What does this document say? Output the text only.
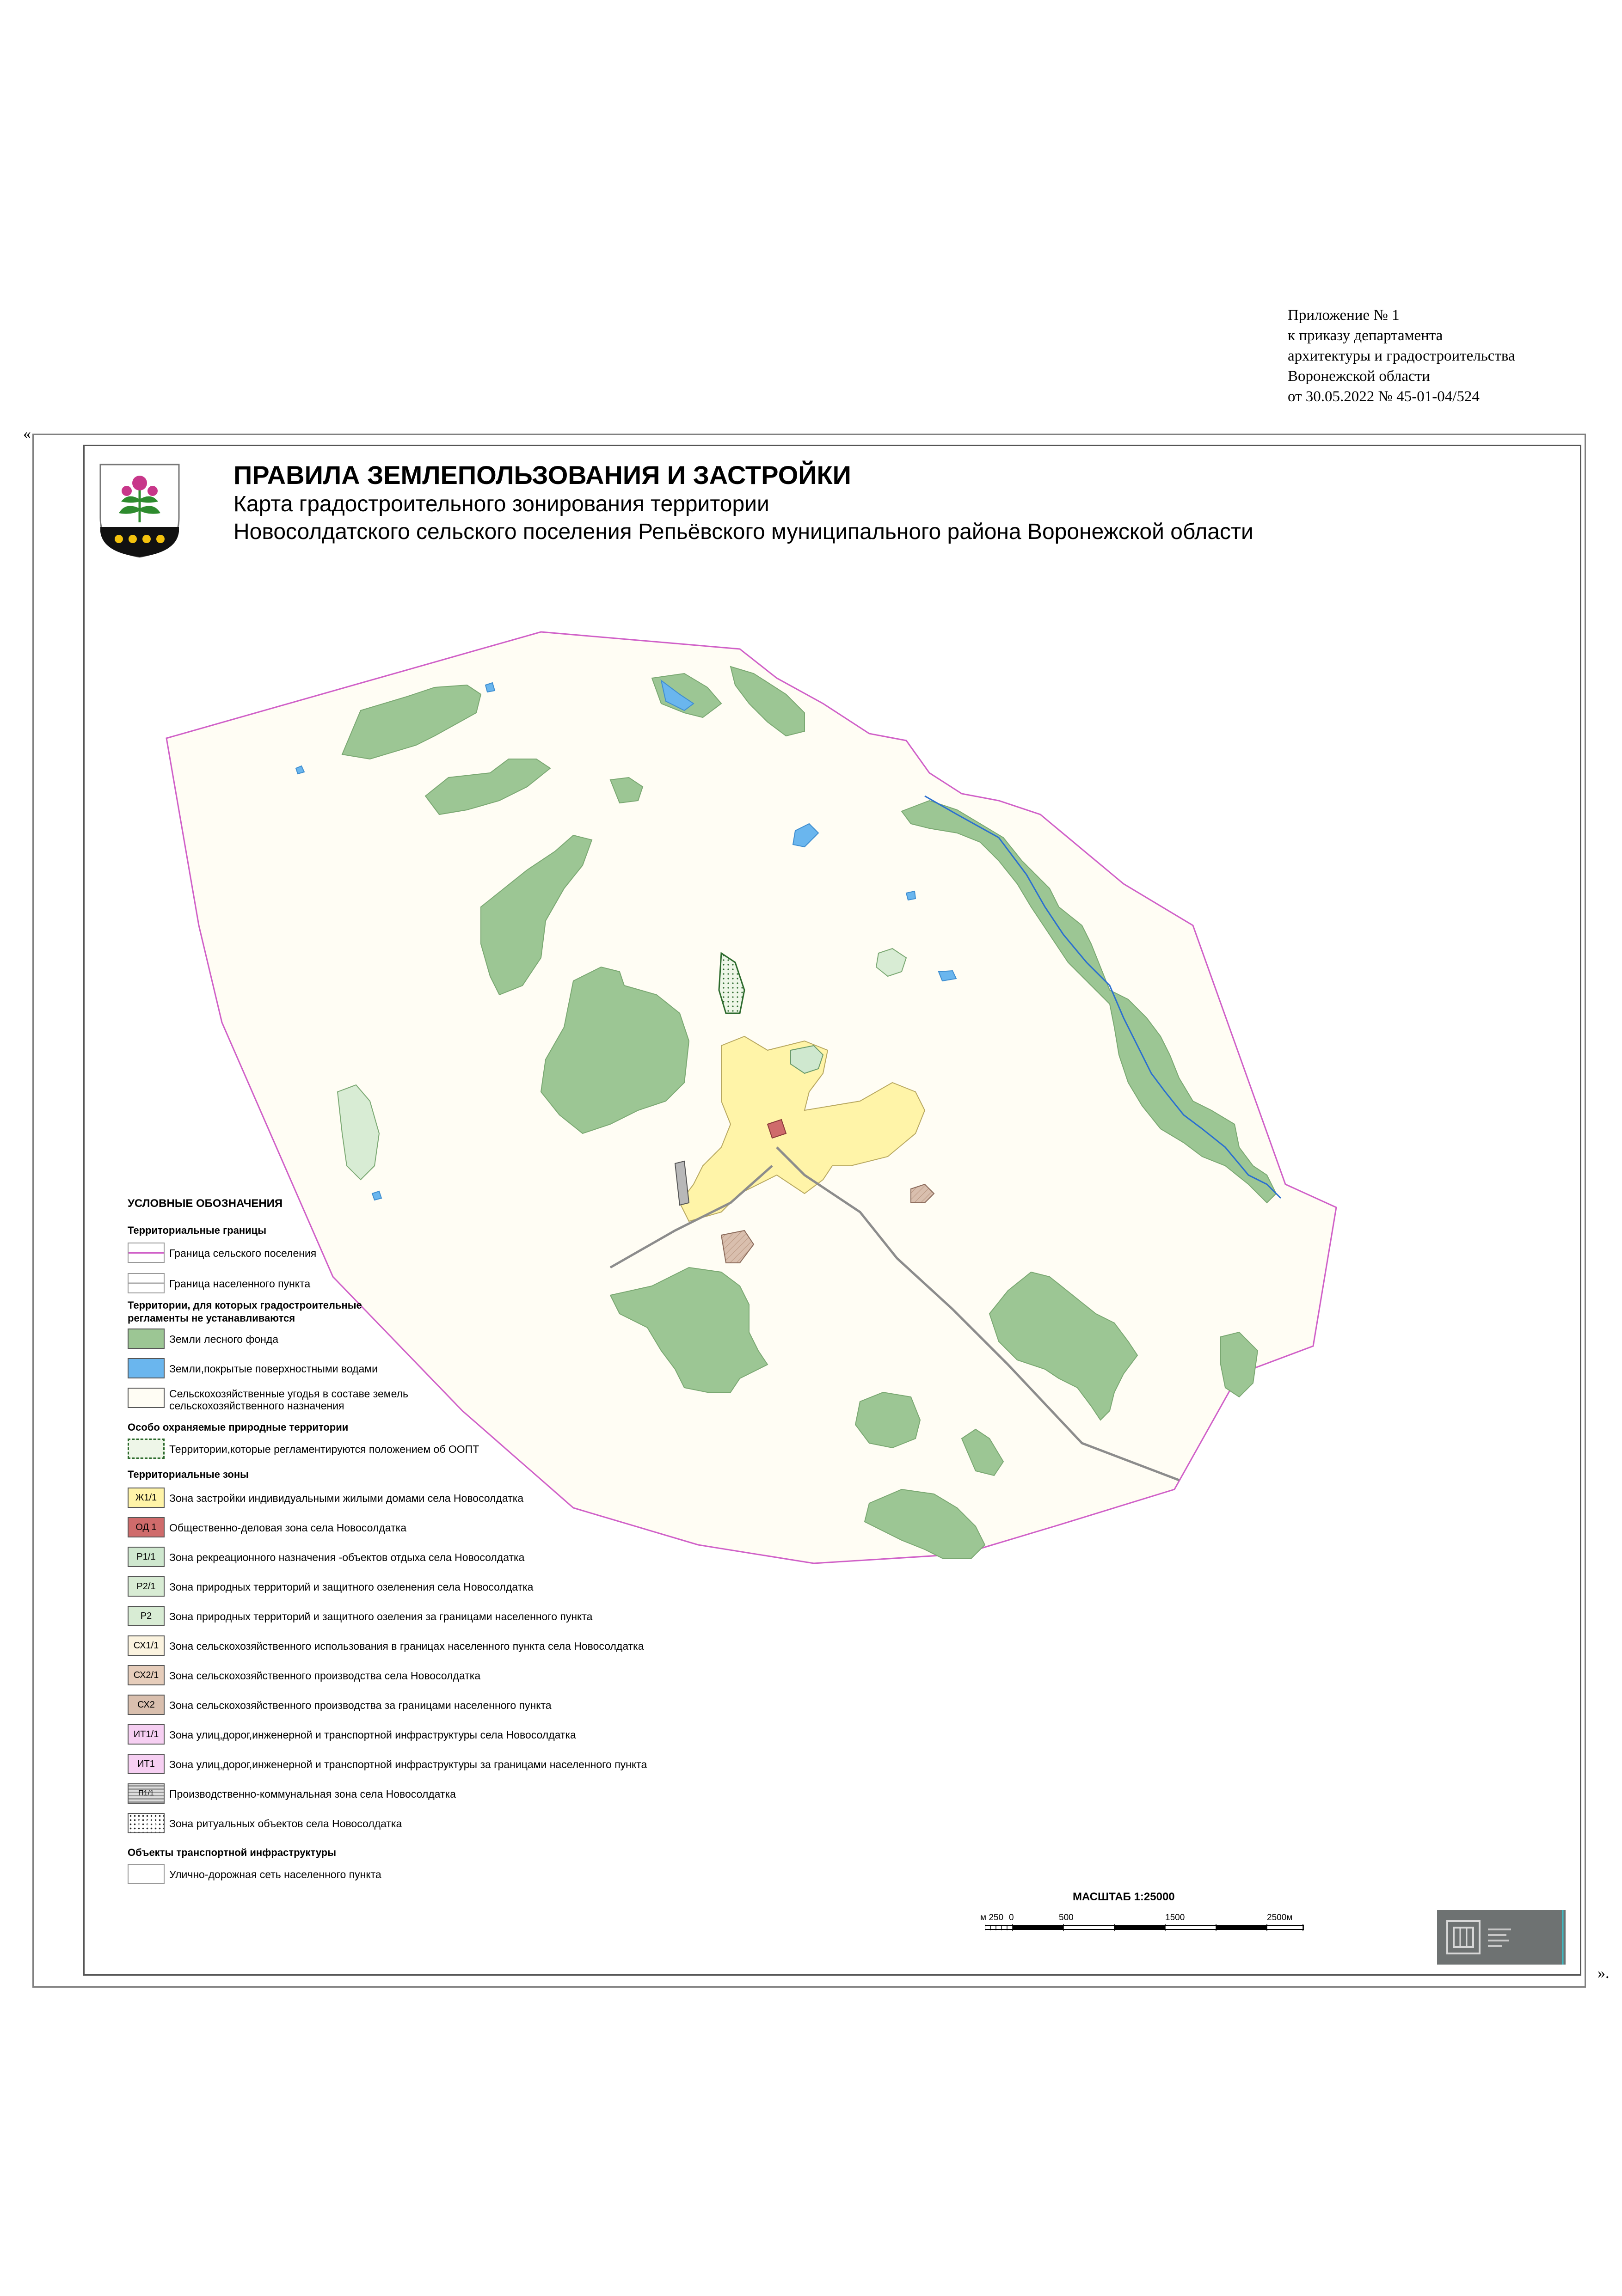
Приложение № 1
к приказу департамента
архитектуры и градостроительства
Воронежской области
от 30.05.2022 № 45-01-04/524
«
».
ПРАВИЛА ЗЕМЛЕПОЛЬЗОВАНИЯ И ЗАСТРОЙКИ
Карта градостроительного зонирования территории
Новосолдатского сельского поселения Репьёвского муниципального района Воронежской области
УСЛОВНЫЕ ОБОЗНАЧЕНИЯ
Территориальные границы
Граница сельского поселения
Граница населенного пункта
Территории, для которых градостроительные
регламенты не устанавливаются
Земли лесного фонда
Земли,покрытые поверхностными водами
Сельскохозяйственные угодья в составе земель
сельскохозяйственного назначения
Особо охраняемые природные территории
Территории,которые регламентируются положением об ООПТ
Территориальные зоны
Ж1/1	Зона застройки индивидуальными жилыми домами села Новосолдатка
ОД 1	Общественно-деловая зона села Новосолдатка
Р1/1	Зона рекреационного назначения -объектов отдыха села Новосолдатка
Р2/1	Зона природных территорий и защитного озеленения села Новосолдатка
Р2	Зона природных территорий и защитного озеления за границами населенного пункта
СХ1/1 Зона сельскохозяйственного использования в границах населенного пункта села Новосолдатка
СХ2/1 Зона сельскохозяйственного производства села Новосолдатка
СХ2	Зона сельскохозяйственного производства за границами населенного пункта
ИТ1/1 Зона улиц,дорог,инженерной и транспортной инфраструктуры села Новосолдатка
ИТ1	Зона улиц,дорог,инженерной и транспортной инфраструктуры за границами населенного пункта
П1/1	Производственно-коммунальная зона села Новосолдатка
СН1/1	Зона ритуальных объектов села Новосолдатка
Объекты транспортной инфраструктуры
Улично-дорожная сеть населенного пункта
МАСШТАБ 1:25000
м 250 0	500	1500	2500м
